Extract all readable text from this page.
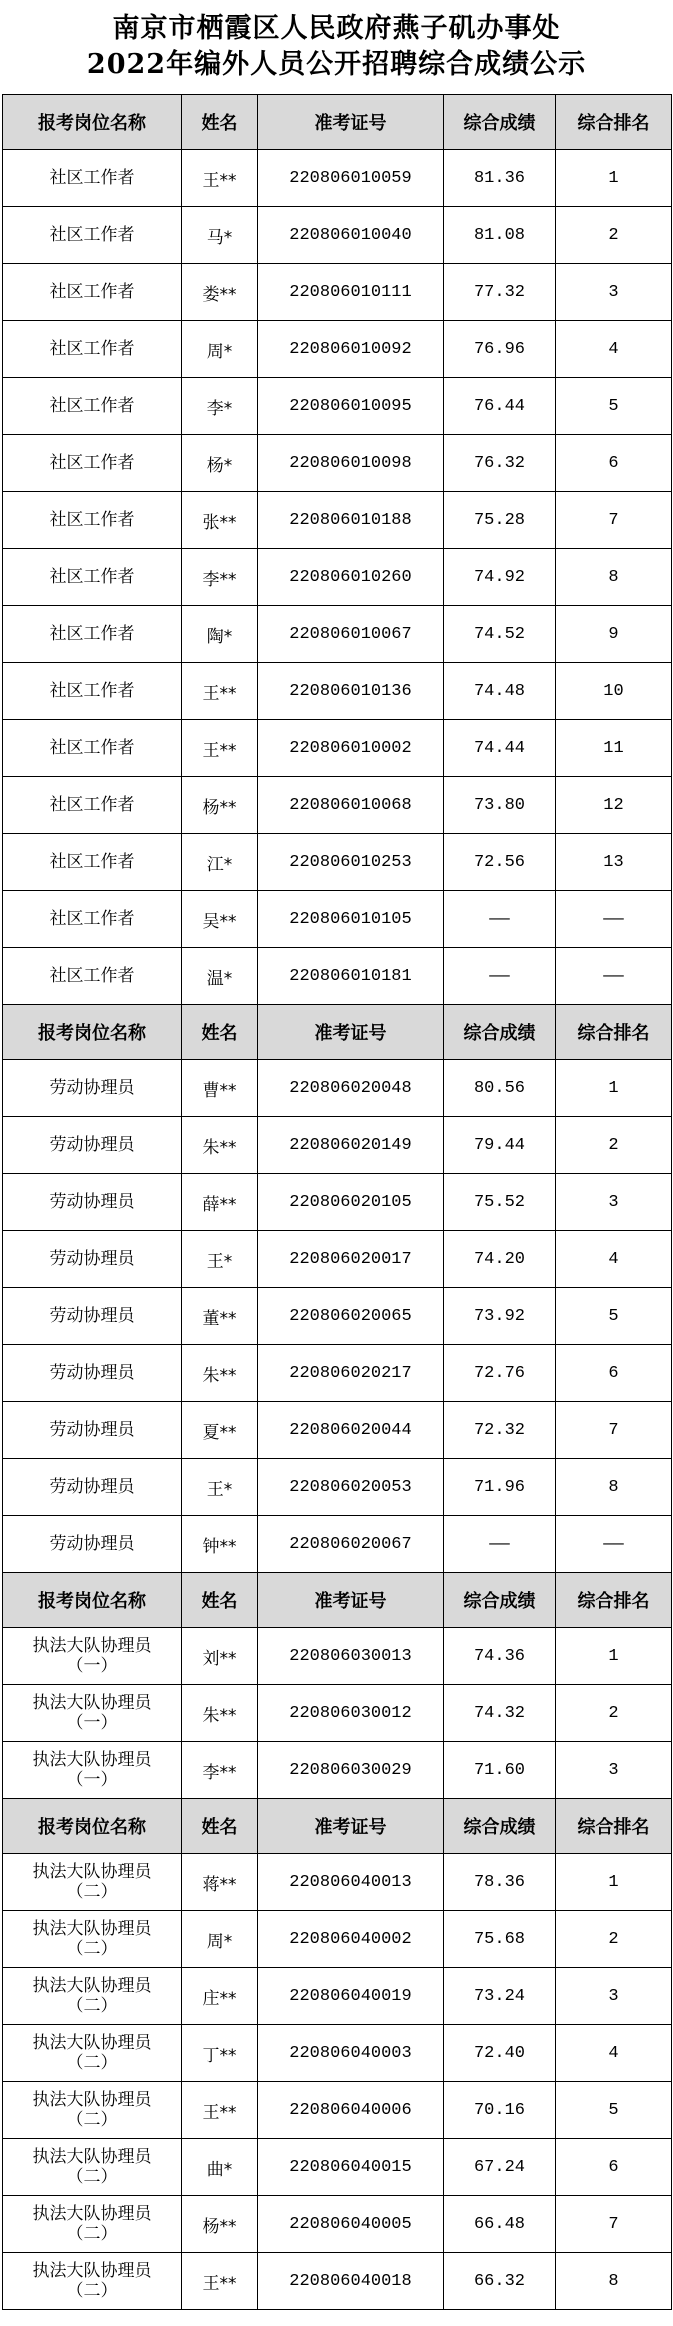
南京市栖霞区人民政府燕子矶办事处
2022年编外人员公开招聘综合成绩公示
报考岗位名称	姓名	准考证号	综合成绩	综合排名
社区工作者	王**	220806010059	81.36	1
社区工作者	马*	220806010040	81.08	2
社区工作者	娄**	220806010111	77.32	3
社区工作者	周*	220806010092	76.96	4
社区工作者	李*	220806010095	76.44	5
社区工作者	杨*	220806010098	76.32	6
社区工作者	张**	220806010188	75.28	7
社区工作者	李**	220806010260	74.92	8
社区工作者	陶*	220806010067	74.52	9
社区工作者	王**	220806010136	74.48	10
社区工作者	王**	220806010002	74.44	11
社区工作者	杨**	220806010068	73.80	12
社区工作者	江*	220806010253	72.56	13
社区工作者	吴**	220806010105	——	——
社区工作者	温*	220806010181	——	——
报考岗位名称	姓名	准考证号	综合成绩	综合排名
劳动协理员	曹**	220806020048	80.56	1
劳动协理员	朱**	220806020149	79.44	2
劳动协理员	薛**	220806020105	75.52	3
劳动协理员	王*	220806020017	74.20	4
劳动协理员	董**	220806020065	73.92	5
劳动协理员	朱**	220806020217	72.76	6
劳动协理员	夏**	220806020044	72.32	7
劳动协理员	王*	220806020053	71.96	8
劳动协理员	钟**	220806020067	——	——
报考岗位名称	姓名	准考证号	综合成绩	综合排名
执法大队协理员
（一）	刘**	220806030013	74.36	1
执法大队协理员
（一）	朱**	220806030012	74.32	2
执法大队协理员
（一）	李**	220806030029	71.60	3
报考岗位名称	姓名	准考证号	综合成绩	综合排名
执法大队协理员
（二）	蒋**	220806040013	78.36	1
执法大队协理员
（二）	周*	220806040002	75.68	2
执法大队协理员
（二）	庄**	220806040019	73.24	3
执法大队协理员
（二）	丁**	220806040003	72.40	4
执法大队协理员
（二）	王**	220806040006	70.16	5
执法大队协理员
（二）	曲*	220806040015	67.24	6
执法大队协理员
（二）	杨**	220806040005	66.48	7
执法大队协理员
（二）	王**	220806040018	66.32	8
